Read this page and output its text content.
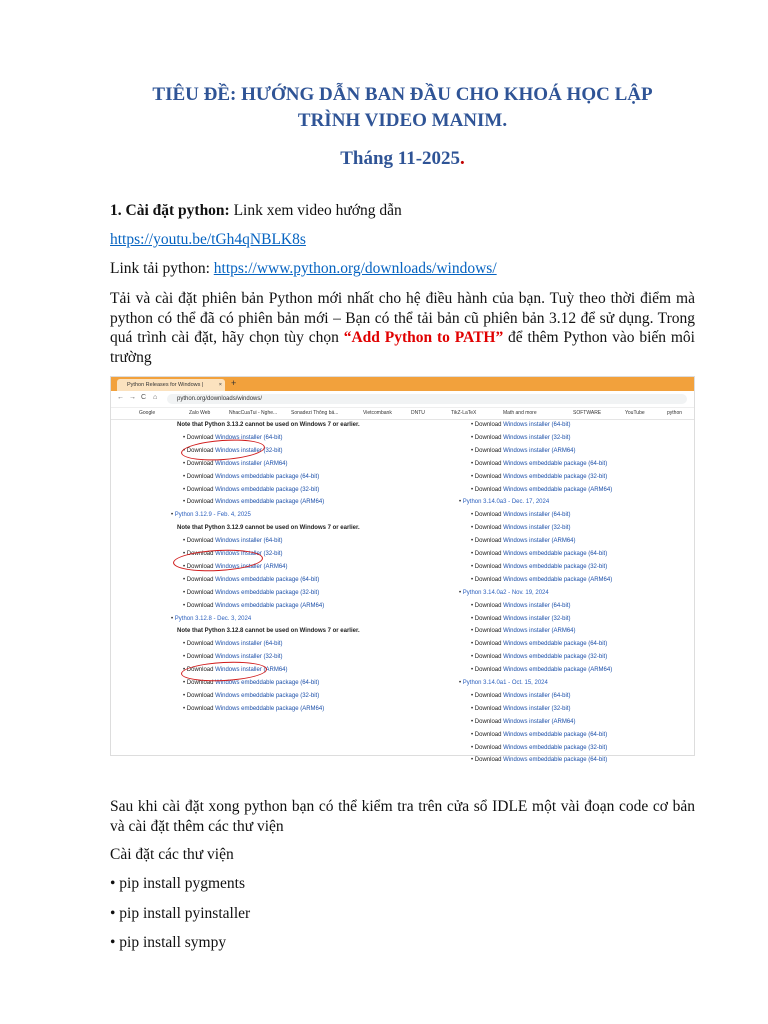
TIÊU ĐỀ: HƯỚNG DẪN BAN ĐẦU CHO KHOÁ HỌC LẬP
TRÌNH VIDEO MANIM.
Tháng 11-2025.
1. Cài đặt python: Link xem video hướng dẫn
https://youtu.be/tGh4qNBLK8s
Link tải python: https://www.python.org/downloads/windows/
Tải và cài đặt phiên bản Python mới nhất cho hệ điều hành của bạn. Tuỳ theo thời điểm mà python có thể đã có phiên bản mới – Bạn có thể tải bản cũ phiên bản 3.12 để sử dụng. Trong quá trình cài đặt, hãy chọn tùy chọn “Add Python to PATH” để thêm Python vào biến môi trường
Sau khi cài đặt xong python bạn có thể kiểm tra trên cửa sổ IDLE một vài đoạn code cơ bản và cài đặt thêm các thư viện
Cài đặt các thư viện
• pip install pygments
• pip install pyinstaller
• pip install sympy
Python Releases for Windows |	× +
← → C ⌂	python.org/downloads/windows/
Google	Zalo Web	NhacCuaTui - Nghe...	Sonadezi Thông bá...	Vietcombank	DNTU	TikZ-LaTeX	Math and more	SOFTWARE	YouTube	python
Note that Python 3.13.2 cannot be used on Windows 7 or earlier.
• Download Windows installer (64-bit)
• Download Windows installer (32-bit)
• Download Windows installer (ARM64)
• Download Windows embeddable package (64-bit)
• Download Windows embeddable package (32-bit)
• Download Windows embeddable package (ARM64)
• Python 3.12.9 - Feb. 4, 2025
Note that Python 3.12.9 cannot be used on Windows 7 or earlier.
• Download Windows installer (64-bit)
• Download Windows installer (32-bit)
• Download Windows installer (ARM64)
• Download Windows embeddable package (64-bit)
• Download Windows embeddable package (32-bit)
• Download Windows embeddable package (ARM64)
• Python 3.12.8 - Dec. 3, 2024
Note that Python 3.12.8 cannot be used on Windows 7 or earlier.
• Download Windows installer (64-bit)
• Download Windows installer (32-bit)
• Download Windows installer (ARM64)
• Download Windows embeddable package (64-bit)
• Download Windows embeddable package (32-bit)
• Download Windows embeddable package (ARM64)
• Download Windows installer (64-bit)
• Download Windows installer (32-bit)
• Download Windows installer (ARM64)
• Download Windows embeddable package (64-bit)
• Download Windows embeddable package (32-bit)
• Download Windows embeddable package (ARM64)
• Python 3.14.0a3 - Dec. 17, 2024
• Download Windows installer (64-bit)
• Download Windows installer (32-bit)
• Download Windows installer (ARM64)
• Download Windows embeddable package (64-bit)
• Download Windows embeddable package (32-bit)
• Download Windows embeddable package (ARM64)
• Python 3.14.0a2 - Nov. 19, 2024
• Download Windows installer (64-bit)
• Download Windows installer (32-bit)
• Download Windows installer (ARM64)
• Download Windows embeddable package (64-bit)
• Download Windows embeddable package (32-bit)
• Download Windows embeddable package (ARM64)
• Python 3.14.0a1 - Oct. 15, 2024
• Download Windows installer (64-bit)
• Download Windows installer (32-bit)
• Download Windows installer (ARM64)
• Download Windows embeddable package (64-bit)
• Download Windows embeddable package (32-bit)
• Download Windows embeddable package (64-bit)
